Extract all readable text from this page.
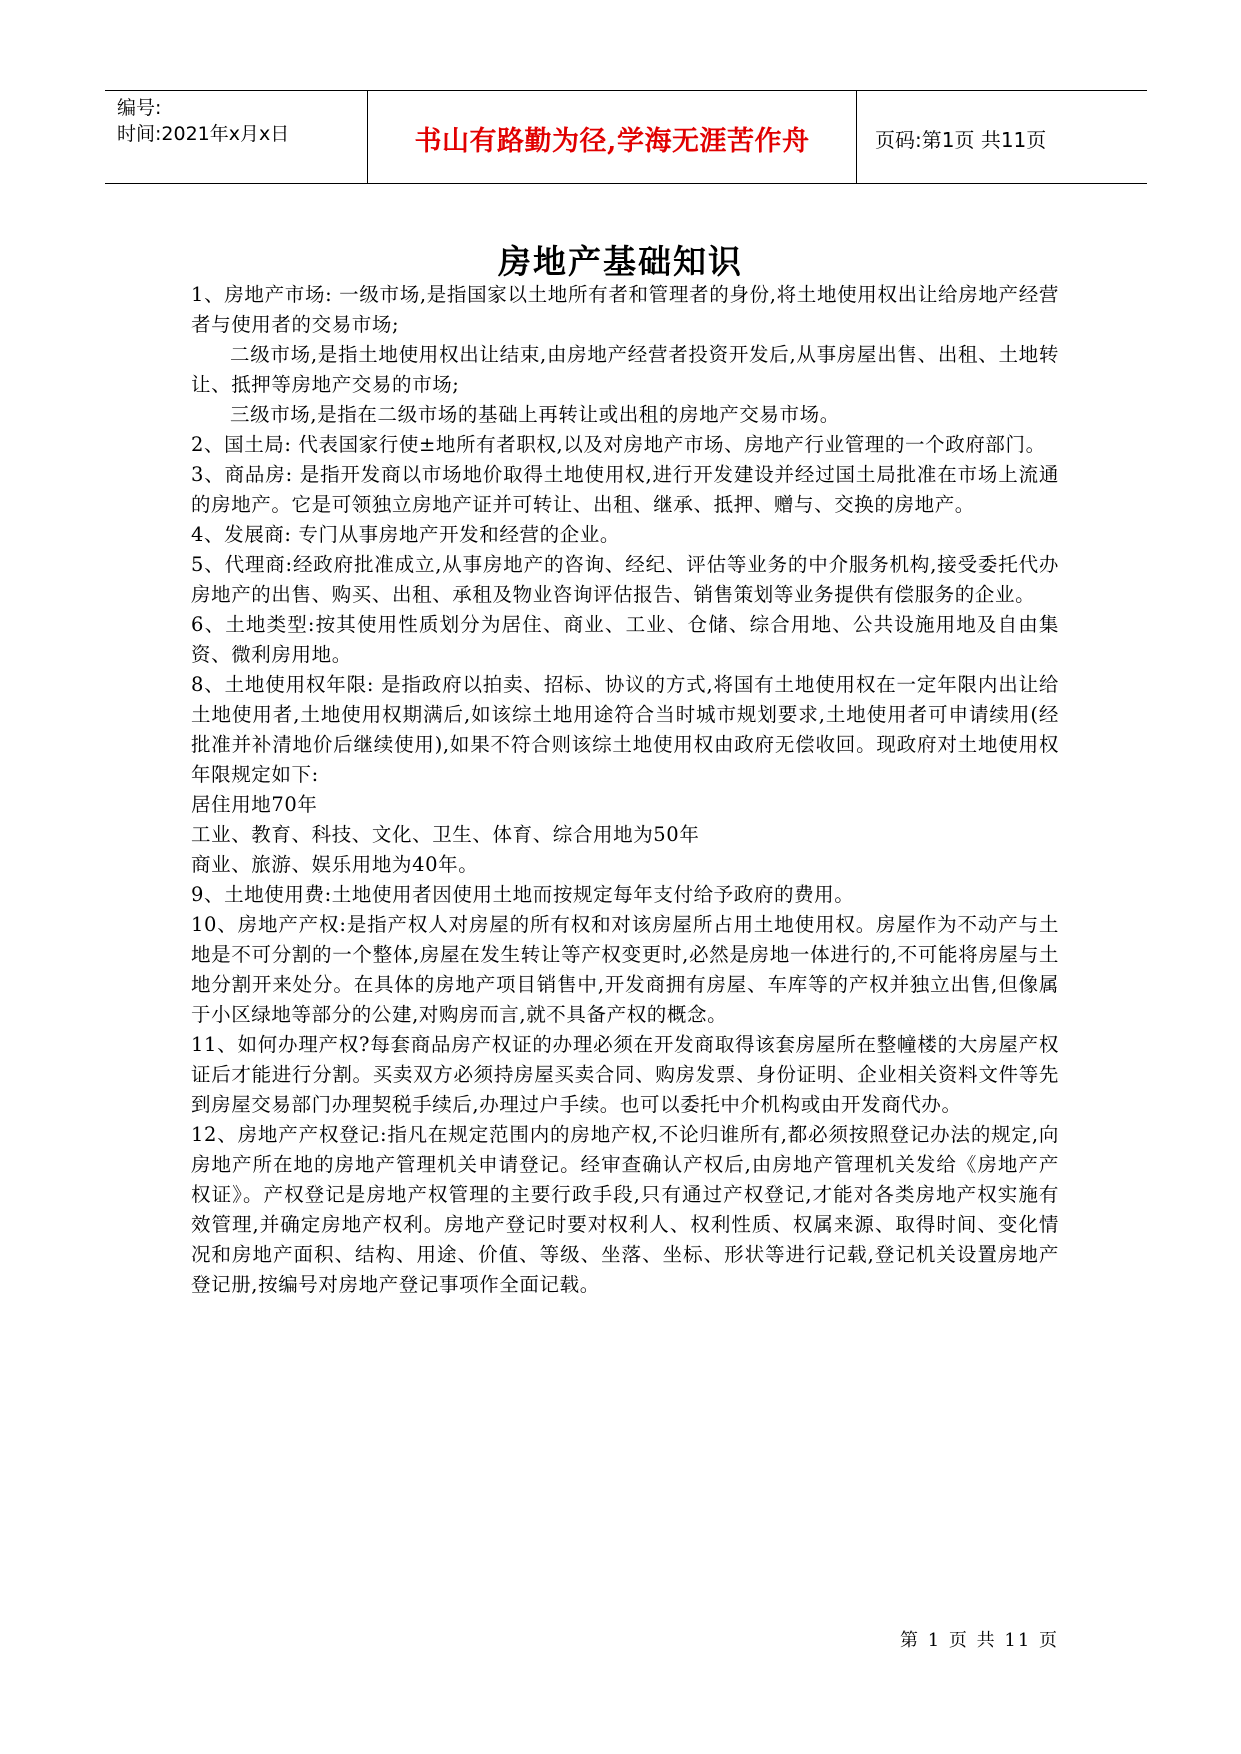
编号:
时间:2021年x月x日	书山有路勤为径,学海无涯苦作舟	页码:第1页 共11页
房地产基础知识

1、房地产市场: 一级市场,是指国家以土地所有者和管理者的身份,将土地使用权出让给房地产经营者与使用者的交易市场;

二级市场,是指土地使用权出让结束,由房地产经营者投资开发后,从事房屋出售、出租、土地转让、抵押等房地产交易的市场;

三级市场,是指在二级市场的基础上再转让或出租的房地产交易市场。

2、国土局: 代表国家行使±地所有者职权,以及对房地产市场、房地产行业管理的一个政府部门。

3、商品房: 是指开发商以市场地价取得土地使用权,进行开发建设并经过国土局批准在市场上流通的房地产。它是可领独立房地产证并可转让、出租、继承、抵押、赠与、交换的房地产。

4、发展商: 专门从事房地产开发和经营的企业。

5、代理商:经政府批准成立,从事房地产的咨询、经纪、评估等业务的中介服务机构,接受委托代办房地产的出售、购买、出租、承租及物业咨询评估报告、销售策划等业务提供有偿服务的企业。

6、土地类型:按其使用性质划分为居住、商业、工业、仓储、综合用地、公共设施用地及自由集资、微利房用地。

8、土地使用权年限: 是指政府以拍卖、招标、协议的方式,将国有土地使用权在一定年限内出让给土地使用者,土地使用权期满后,如该综土地用途符合当时城市规划要求,土地使用者可申请续用(经批准并补清地价后继续使用),如果不符合则该综土地使用权由政府无偿收回。现政府对土地使用权年限规定如下:

居住用地70年

工业、教育、科技、文化、卫生、体育、综合用地为50年

商业、旅游、娱乐用地为40年。

9、土地使用费:土地使用者因使用土地而按规定每年支付给予政府的费用。

10、房地产产权:是指产权人对房屋的所有权和对该房屋所占用土地使用权。房屋作为不动产与土地是不可分割的一个整体,房屋在发生转让等产权变更时,必然是房地一体进行的,不可能将房屋与土地分割开来处分。在具体的房地产项目销售中,开发商拥有房屋、车库等的产权并独立出售,但像属于小区绿地等部分的公建,对购房而言,就不具备产权的概念。

11、如何办理产权?每套商品房产权证的办理必须在开发商取得该套房屋所在整幢楼的大房屋产权证后才能进行分割。买卖双方必须持房屋买卖合同、购房发票、身份证明、企业相关资料文件等先到房屋交易部门办理契税手续后,办理过户手续。也可以委托中介机构或由开发商代办。

12、房地产产权登记:指凡在规定范围内的房地产权,不论归谁所有,都必须按照登记办法的规定,向房地产所在地的房地产管理机关申请登记。经审查确认产权后,由房地产管理机关发给《房地产产权证》。产权登记是房地产权管理的主要行政手段,只有通过产权登记,才能对各类房地产权实施有效管理,并确定房地产权利。房地产登记时要对权利人、权利性质、权属来源、取得时间、变化情况和房地产面积、结构、用途、价值、等级、坐落、坐标、形状等进行记载,登记机关设置房地产登记册,按编号对房地产登记事项作全面记载。

第 1 页 共 11 页
